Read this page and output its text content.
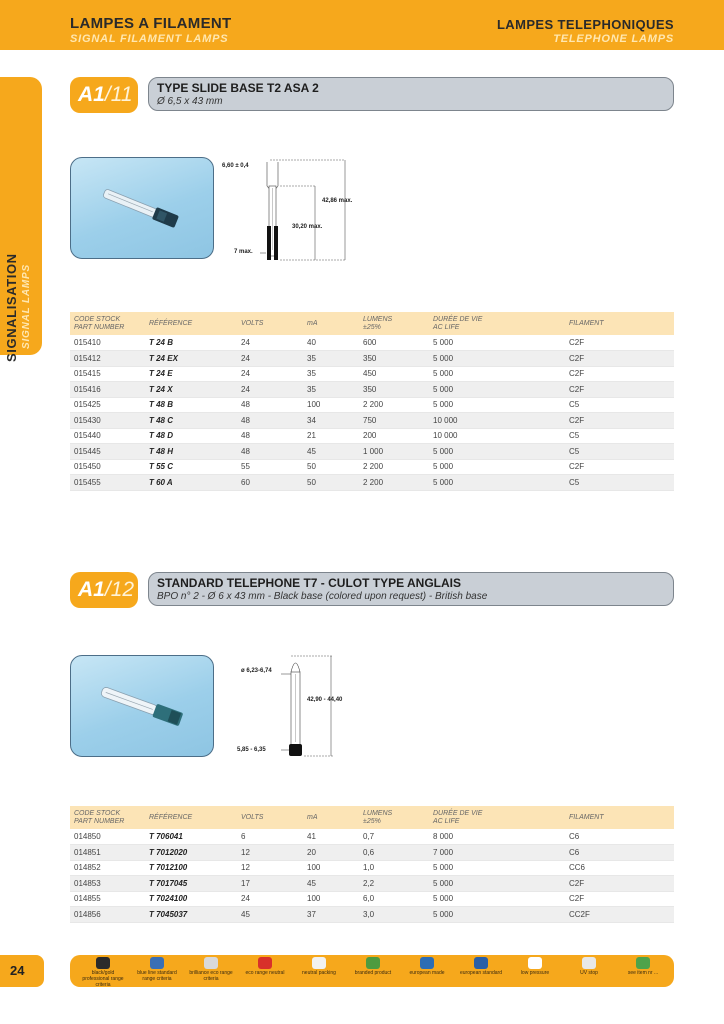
LAMPES A FILAMENT
SIGNAL FILAMENT LAMPS
LAMPES TELEPHONIQUES
TELEPHONE LAMPS
SIGNALISATION SIGNAL LAMPS
A1/11 TYPE SLIDE BASE T2 ASA 2
Ø 6,5 x 43 mm
6,60 ± 0,4
42,86 max.
30,20 max.
7 max.
CODE STOCK
PART NUMBER	RÉFÉRENCE	VOLTS	mA	LUMENS
±25%	DURÉE DE VIE
AC LIFE	FILAMENT
015410	T 24 B	24	40	600	5 000	C2F
015412	T 24 EX	24	35	350	5 000	C2F
015415	T 24 E	24	35	450	5 000	C2F
015416	T 24 X	24	35	350	5 000	C2F
015425	T 48 B	48	100	2 200	5 000	C5
015430	T 48 C	48	34	750	10 000	C2F
015440	T 48 D	48	21	200	10 000	C5
015445	T 48 H	48	45	1 000	5 000	C5
015450	T 55 C	55	50	2 200	5 000	C2F
015455	T 60 A	60	50	2 200	5 000	C5
A1/12 STANDARD TELEPHONE T7 - CULOT TYPE ANGLAIS
BPO n° 2 - Ø 6 x 43 mm - Black base (colored upon request) - British base
ø 6,23-6,74
42,90 - 44,40
5,85 - 6,35
CODE STOCK
PART NUMBER	RÉFÉRENCE	VOLTS	mA	LUMENS
±25%	DURÉE DE VIE
AC LIFE	FILAMENT
014850	T 706041	6	41	0,7	8 000	C6
014851	T 7012020	12	20	0,6	7 000	C6
014852	T 7012100	12	100	1,0	5 000	CC6
014853	T 7017045	17	45	2,2	5 000	C2F
014855	T 7024100	24	100	6,0	5 000	C2F
014856	T 7045037	45	37	3,0	5 000	CC2F
24	black/gold professional range criteria
blue line standard range criteria
brilliance eco range criteria
eco range neutral	neutral packing	branded product	european made	european standard	low pressure	UV stop	see item nr ...
